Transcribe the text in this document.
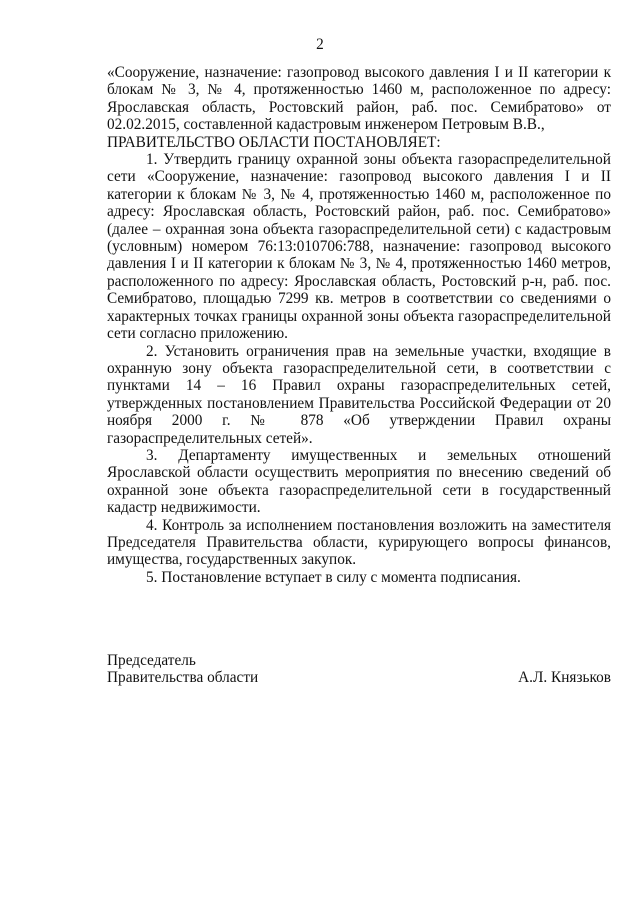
2

«Сооружение, назначение: газопровод высокого давления I и II категории к блокам № 3, № 4, протяженностью 1460 м, расположенное по адресу: Ярославская область, Ростовский район, раб. пос. Семибратово» от 02.02.2015, составленной кадастровым инженером Петровым В.В.,

ПРАВИТЕЛЬСТВО ОБЛАСТИ ПОСТАНОВЛЯЕТ:

1. Утвердить границу охранной зоны объекта газораспределительной сети «Сооружение, назначение: газопровод высокого давления I и II категории к блокам № 3, № 4, протяженностью 1460 м, расположенное по адресу: Ярославская область, Ростовский район, раб. пос. Семибратово» (далее – охранная зона объекта газораспределительной сети) с кадастровым (условным) номером 76:13:010706:788, назначение: газопровод высокого давления I и II категории к блокам № 3, № 4, протяженностью 1460 метров, расположенного по адресу: Ярославская область, Ростовский р-н, раб. пос. Семибратово, площадью 7299 кв. метров в соответствии со сведениями о характерных точках границы охранной зоны объекта газораспределительной сети согласно приложению.

2. Установить ограничения прав на земельные участки, входящие в охранную зону объекта газораспределительной сети, в соответствии с пунктами 14 – 16 Правил охраны газораспределительных сетей, утвержденных постановлением Правительства Российской Федерации от 20 ноября 2000 г. № 878 «Об утверждении Правил охраны газораспределительных сетей».

3. Департаменту имущественных и земельных отношений Ярославской области осуществить мероприятия по внесению сведений об охранной зоне объекта газораспределительной сети в государственный кадастр недвижимости.

4. Контроль за исполнением постановления возложить на заместителя Председателя Правительства области, курирующего вопросы финансов, имущества, государственных закупок.

5. Постановление вступает в силу с момента подписания.

Председатель
Правительства области	А.Л. Князьков
